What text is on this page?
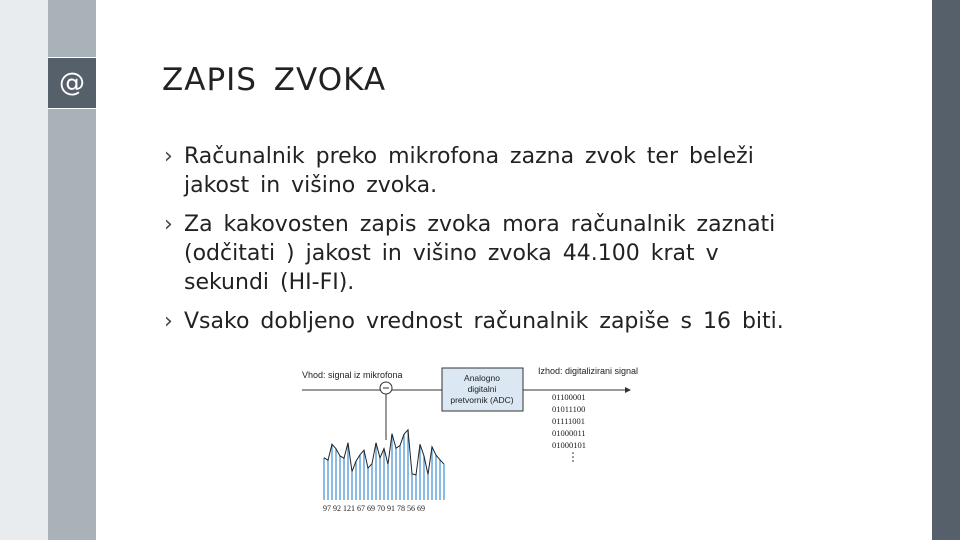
@ ZAPIS ZVOKA
› Računalnik preko mikrofona zazna zvok ter beleži jakost in višino zvoka.
› Za kakovosten zapis zvoka mora računalnik zaznati (odčitati ) jakost in višino zvoka 44.100 krat v sekundi (HI-FI).
› Vsako dobljeno vrednost računalnik zapiše s 16 biti.
Vhod: signal iz mikrofona	Izhod: digitalizirani signal
Analogno
digitalni
pretvornik (ADC)	01100001
01011100
01111001
01000011
01000101
97 92 121 67 69 70 91 78 56 69
